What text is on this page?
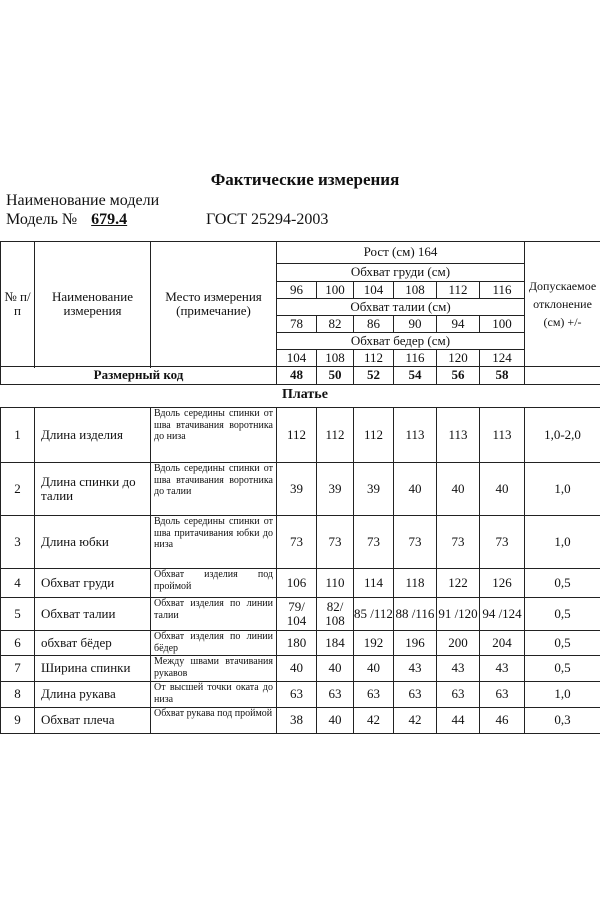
Фактические измерения
Наименование модели
Модель № 679.4	ГОСТ 25294-2003
№ п/п	Наименование измерения	Место измерения (примечание)	Рост (см) 164						Допускаемое отклонение (см) +/-
			Обхват груди (см)						
			96	100	104	108	112	116	
			Обхват талии (см)						
			78	82	86	90	94	100	
			Обхват бедер (см)						
			104	108	112	116	120	124	

Размерный код			48	50	52	54	56	58	
Платье
1	Длина изделия	Вдоль середины спинки от шва втачивания воротника до низа	112	112	112	113	113	113	1,0-2,0
2	Длина спинки до талии	Вдоль середины спинки от шва втачивания воротника до талии	39	39	39	40	40	40	1,0
3	Длина юбки	Вдоль середины спинки от шва притачивания юбки до низа	73	73	73	73	73	73	1,0
4	Обхват груди	Обхват изделия под проймой	106	110	114	118	122	126	0,5
5	Обхват талии	Обхват изделия по линии талии	79/ 104	82/ 108	85 /112	88 /116	91 /120	94 /124	0,5
6	обхват бёдер	Обхват изделия по линии бёдер	180	184	192	196	200	204	0,5
7	Ширина спинки	Между швами втачивания рукавов	40	40	40	43	43	43	0,5
8	Длина рукава	От высшей точки оката до низа	63	63	63	63	63	63	1,0
9	Обхват плеча	Обхват рукава под проймой	38	40	42	42	44	46	0,3
